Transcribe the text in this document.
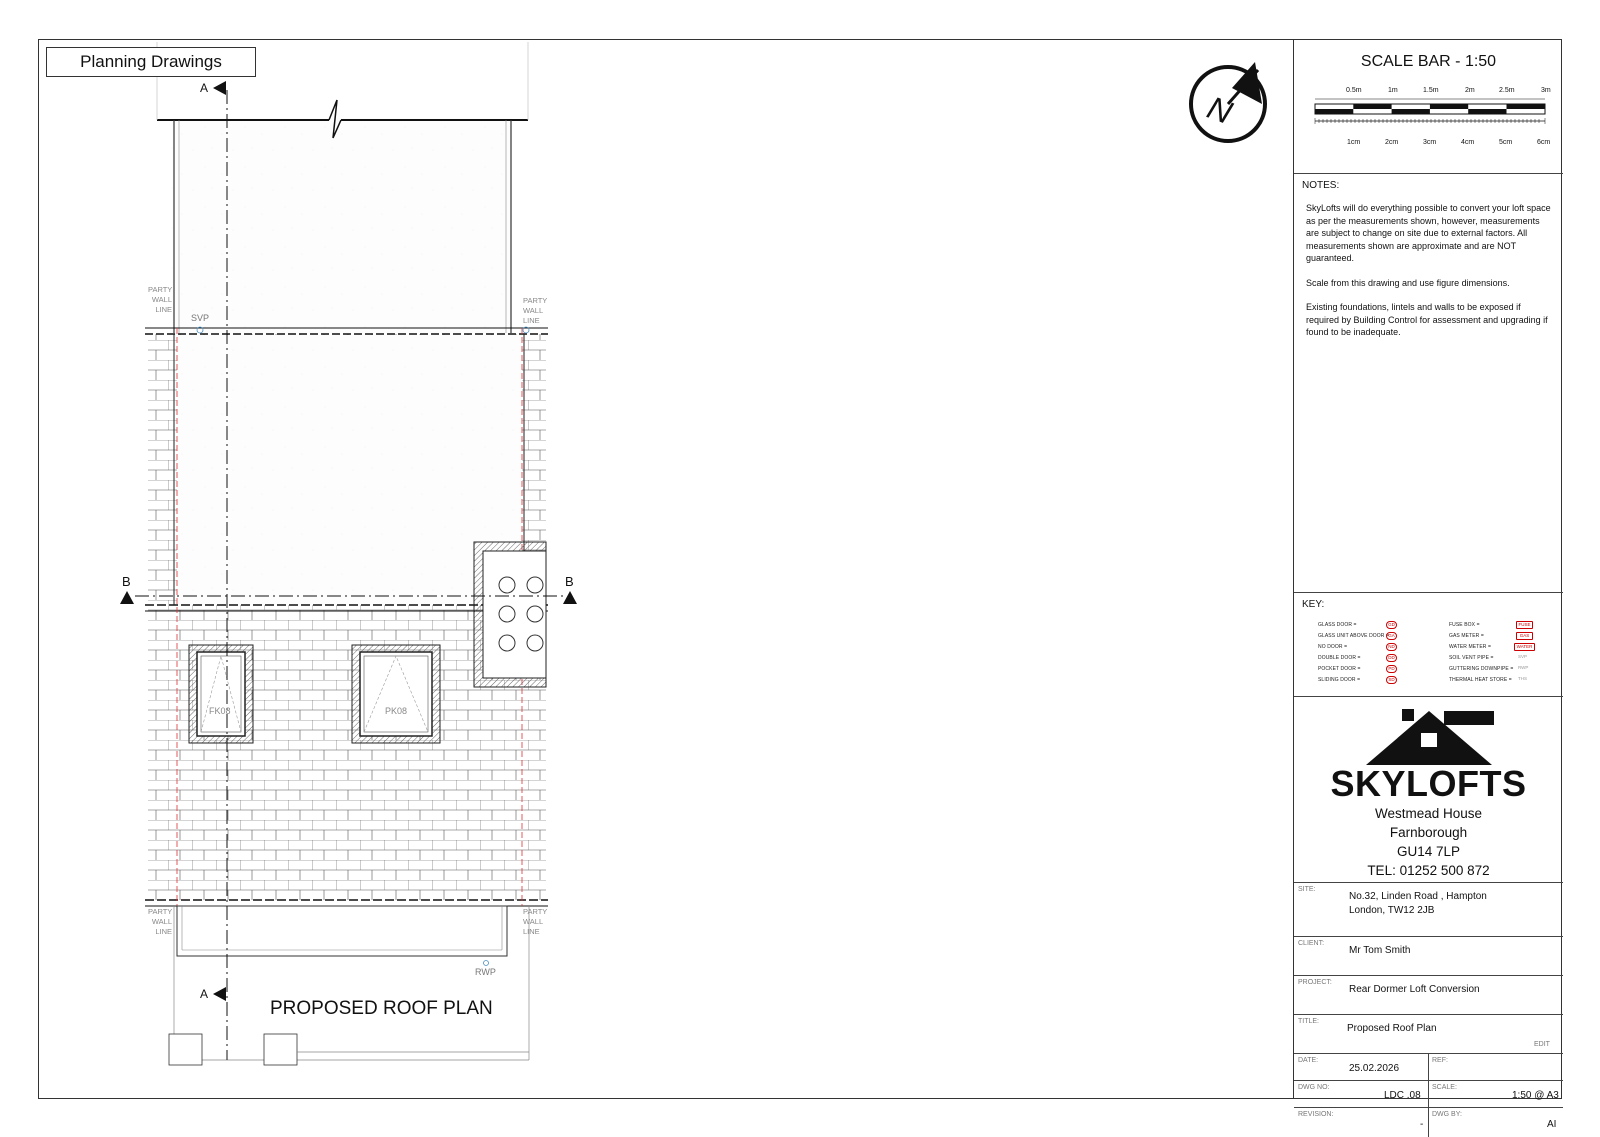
Planning Drawings
A
A
B	B
N
PARTY
WALL
LINE
PARTY
WALL
LINE
PARTY
WALL
LINE
PARTY
WALL
LINE
SVP
RWP
FK08	PK08
PROPOSED ROOF PLAN
SCALE BAR - 1:50
0.5m	1m	1.5m	2m	2.5m	3m
1cm	2cm	3cm	4cm	5cm	6cm
NOTES:

SkyLofts will do everything possible to convert your loft space as per the measurements shown, however, measurements are subject to change on site due to external factors. All measurements shown are approximate and are NOT guaranteed.

Scale from this drawing and use figure dimensions.

Existing foundations, lintels and walls to be exposed if required by Building Control for assessment and upgrading if found to be inadequate.

KEY:
GLASS DOOR =	GD
GLASS UNIT ABOVE DOOR = GA
NO DOOR =	ND
DOUBLE DOOR =	DD
POCKET DOOR =	PD
SLIDING DOOR =	SD
FUSE BOX =	FUSE
GAS METER =	GAS
WATER METER =	WATER
SOIL VENT PIPE =	SVP
GUTTERING DOWNPIPE = RWP
THERMAL HEAT STORE = THS
SKYLOFTS
Westmead House
Farnborough
GU14 7LP
TEL: 01252 500 872
SITE:
No.32, Linden Road , Hampton
London, TW12 2JB
CLIENT:
Mr Tom Smith
PROJECT:
Rear Dormer Loft Conversion
TITLE:
Proposed Roof Plan
EDIT
DATE:
25.02.2026
REF:
DWG NO:
LDC .08
SCALE:
1:50 @ A3
REVISION:
-
DWG BY:
AI
